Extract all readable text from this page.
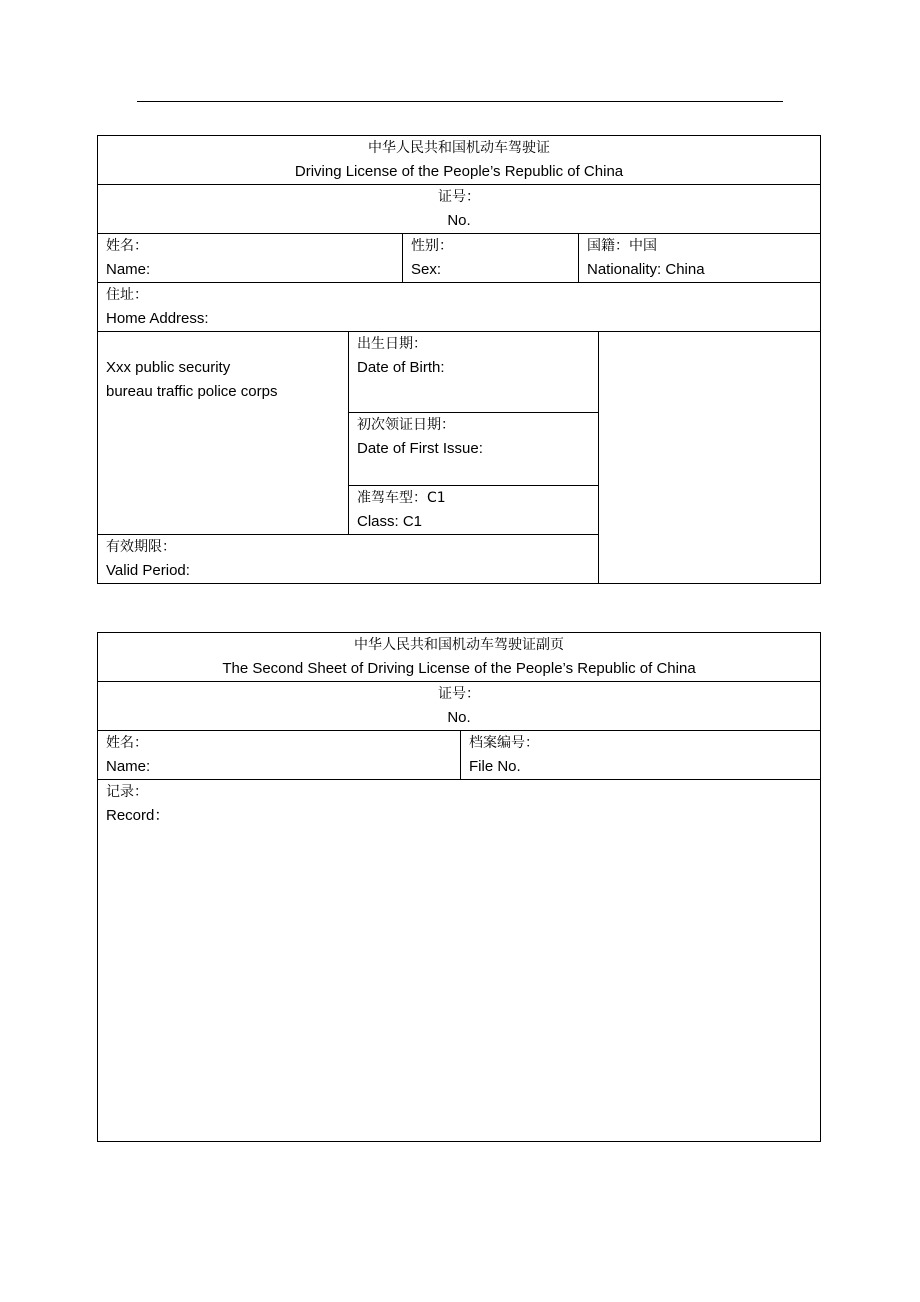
中华人民共和国机动车驾驶证
Driving License of the People’s Republic of China
证号：
No.
姓名：
Name:
性别：
Sex:
国籍：中国
Nationality: China
住址：
Home Address:
Xxx public security
bureau traffic police corps
出生日期：
Date of Birth:
初次领证日期：
Date of First Issue:
准驾车型：C1
Class: C1
有效期限：
Valid Period:
中华人民共和国机动车驾驶证副页
The Second Sheet of Driving License of the People’s Republic of China
证号：
No.
姓名：
Name:
档案编号：
File No.
记录：
Record：
